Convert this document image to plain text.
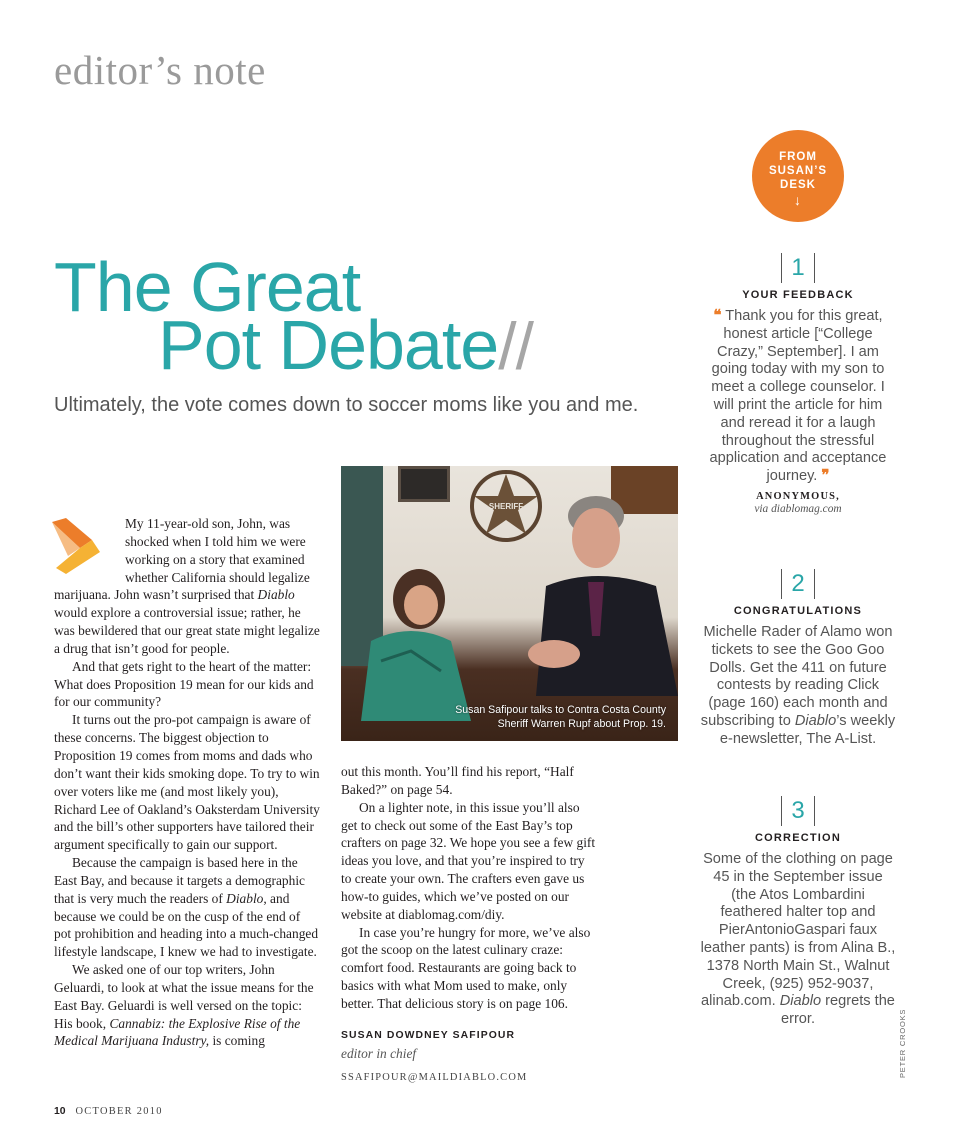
editor’s note
FROM SUSAN’S DESK
↓
The Great
Pot Debate//
Ultimately, the vote comes down to soccer moms like you and me.

My 11-year-old son, John, was shocked when I told him we were working on a story that examined whether California should legalize

marijuana. John wasn’t surprised that Diablo would explore a controversial issue; rather, he was bewildered that our great state might legalize a drug that isn’t good for people.

And that gets right to the heart of the matter: What does Proposition 19 mean for our kids and for our community?

It turns out the pro-pot campaign is aware of these concerns. The biggest objection to Proposition 19 comes from moms and dads who don’t want their kids smoking dope. To try to win over voters like me (and most likely you), Richard Lee of Oakland’s Oaksterdam University and the bill’s other supporters have tailored their argument specifically to gain our support.

Because the campaign is based here in the East Bay, and because it targets a demographic that is very much the readers of Diablo, and because we could be on the cusp of the end of pot prohibition and heading into a much-changed lifestyle landscape, I knew we had to investigate.

We asked one of our top writers, John Geluardi, to look at what the issue means for the East Bay. Geluardi is well versed on the topic: His book, Cannabiz: the Explosive Rise of the Medical Marijuana Industry, is coming

SHERIFF
Susan Safipour talks to Contra Costa County
Sheriff Warren Rupf about Prop. 19.

out this month. You’ll find his report, “Half Baked?” on page 54.

On a lighter note, in this issue you’ll also get to check out some of the East Bay’s top crafters on page 32. We hope you see a few gift ideas you love, and that you’re inspired to try to create your own. The crafters even gave us how-to guides, which we’ve posted on our website at diablomag.com/diy.

In case you’re hungry for more, we’ve also got the scoop on the latest culinary craze: comfort food. Restaurants are going back to basics with what Mom used to make, only better. That delicious story is on page 106.

SUSAN DOWDNEY SAFIPOUR
editor in chief
SSAFIPOUR@MAILDIABLO.COM
1
YOUR FEEDBACK
❝ Thank you for this great, honest article [“College Crazy,” September]. I am going today with my son to meet a college counselor. I will print the article for him and reread it for a laugh throughout the stressful application and acceptance journey. ❞
ANONYMOUS,
via diablomag.com
2
CONGRATULATIONS
Michelle Rader of Alamo won tickets to see the Goo Goo Dolls. Get the 411 on future contests by reading Click (page 160) each month and subscribing to Diablo’s weekly e-newsletter, The A-List.
3
CORRECTION
Some of the clothing on page 45 in the September issue (the Atos Lombardini feathered halter top and PierAntonioGaspari faux leather pants) is from Alina B., 1378 North Main St., Walnut Creek, (925) 952-9037, alinab.com. Diablo regrets the error.	PETER CROOKS
10 OCTOBER 2010
